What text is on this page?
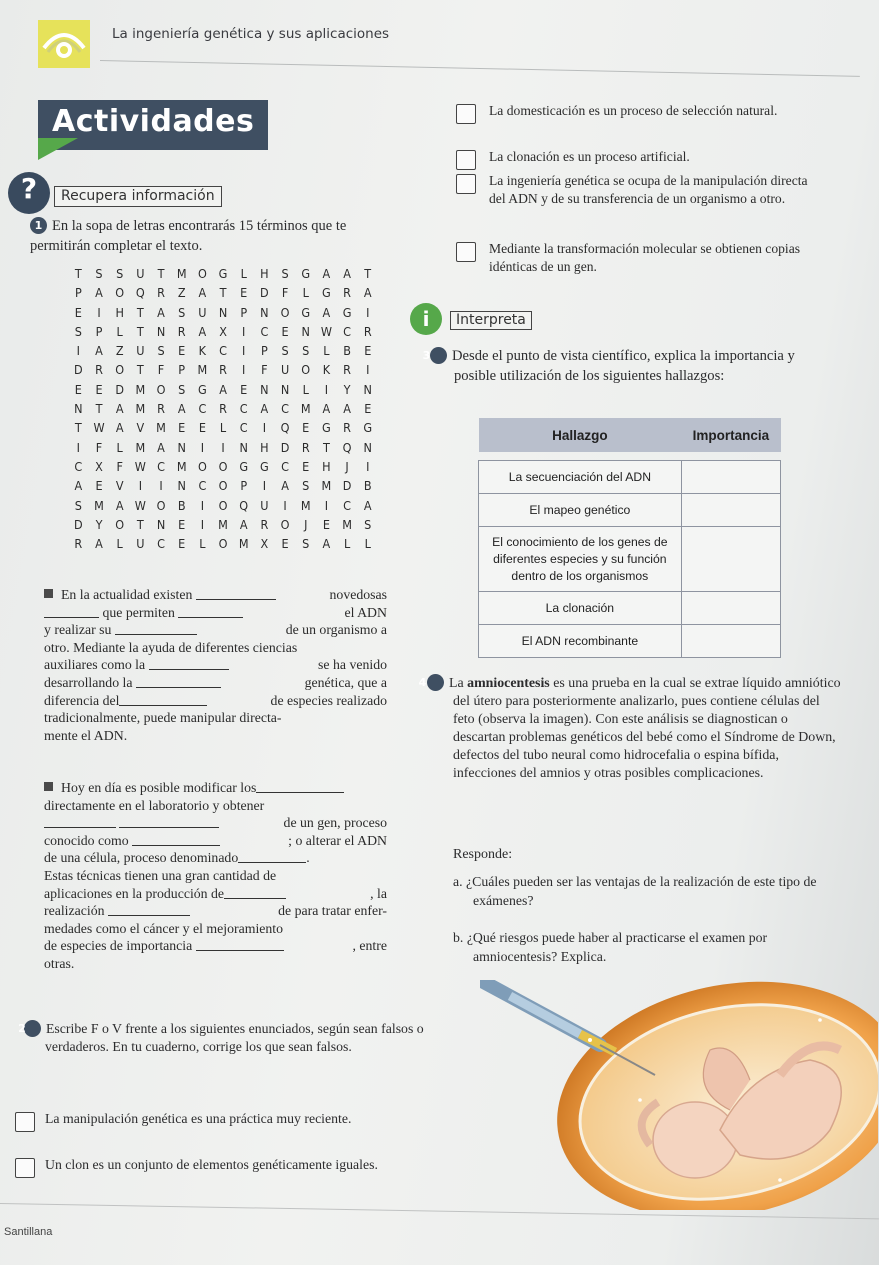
La ingeniería genética y sus aplicaciones
Actividades
?	Recupera información
1 En la sopa de letras encontrarás 15 términos que te permitirán completar el texto.
T	S	S	U	T M O G	L	H	S	G A	A	T
P	A O Q R	Z	A	T	E	D	F	L	G R	A
E	I	H	T	A	S	U N	P	N O G A G	I
S	P	L	T	N	R	A	X	I	C	E	N W C	R
I	A	Z	U	S	E	K	C	I	P	S	S	L	B	E
D R O	T	F	P M R	I	F	U O	K	R	I
E	E	D M O	S	G A	E	N N	L	I	Y	N
N	T	A M R	A	C	R	C	A	C M A	A	E
T W A	V M E	E	L	C	I	Q	E	G R G
I	F	L	M A	N	I	I	N H D R	T	Q N
C	X	F W C M O O G G C	E	H	J	I
A	E	V	I	I	N	C O	P	I	A	S M D B
S M A W O B	I	O Q U	I	M	I	C	A
D	Y	O	T	N	E	I	M A	R O	J	E M S
R	A	L	U	C	E	L	O M X	E	S	A	L	L
En la actualidad existen	novedosas
que permiten	el ADN
y realizar su	de un organismo a
otro. Mediante la ayuda de diferentes ciencias
auxiliares como la	se ha venido
desarrollando la	genética, que a
diferencia del	de especies realizado
tradicionalmente, puede manipular directa-
mente el ADN.
Hoy en día es posible modificar los
directamente en el laboratorio y obtener

de un gen, proceso
conocido como	; o alterar el ADN
de una célula, proceso denominado	.
Estas técnicas tienen una gran cantidad de
aplicaciones en la producción de	, la
realización	de para tratar enfer-
medades como el cáncer y el mejoramiento
de especies de importancia	, entre
otras.
2 Escribe F o V frente a los siguientes enunciados, según sean falsos o verdaderos. En tu cuaderno, corrige los que sean falsos.
La manipulación genética es una práctica muy reciente.
Un clon es un conjunto de elementos genéticamente iguales.
La domesticación es un proceso de selección natural.
La clonación es un proceso artificial.
La ingeniería genética se ocupa de la manipulación directa del ADN y de su transferencia de un organismo a otro.
Mediante la transformación molecular se obtienen copias idénticas de un gen.
i	Interpreta
3 Desde el punto de vista científico, explica la importancia y posible utilización de los siguientes hallazgos:
Hallazgo	Importancia

La secuenciación del ADN	
El mapeo genético	
El conocimiento de los genes de diferentes especies y su función dentro de los organismos	
La clonación	
El ADN recombinante	
4 La amniocentesis es una prueba en la cual se extrae líquido amniótico del útero para posteriormente analizarlo, pues contiene células del feto (observa la imagen). Con este análisis se diagnostican o descartan problemas genéticos del bebé como el Síndrome de Down, defectos del tubo neural como hidrocefalia o espina bífida, infecciones del amnios y otras posibles complicaciones.
Responde:
a. ¿Cuáles pueden ser las ventajas de la realización de este tipo de exámenes?
b. ¿Qué riesgos puede haber al practicarse el examen por amniocentesis? Explica.
Santillana
